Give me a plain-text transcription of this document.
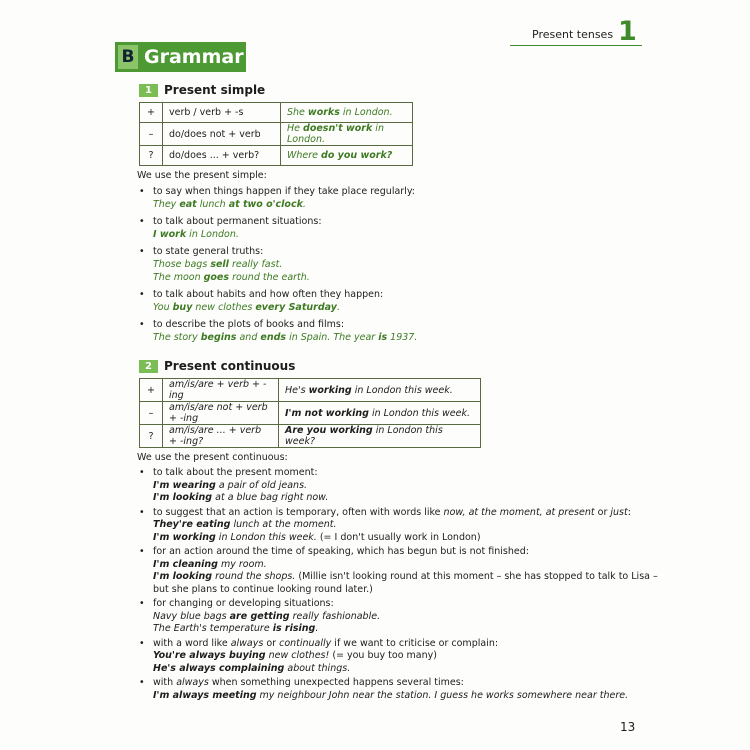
Present tenses 1
B Grammar
1	Present simple
+	verb / verb + -s	She works in London.
–	do/does not + verb	He doesn't work in London.
?	do/does ... + verb?	Where do you work?
We use the present simple:
• to say when things happen if they take place regularly:
They eat lunch at two o'clock.
• to talk about permanent situations:
I work in London.
• to state general truths:
Those bags sell really fast.
The moon goes round the earth.
• to talk about habits and how often they happen:
You buy new clothes every Saturday.
• to describe the plots of books and films:
The story begins and ends in Spain. The year is 1937.
2	Present continuous
+	am/is/are + verb + -ing	He's working in London this week.
–	am/is/are not + verb + -ing	I'm not working in London this week.
?	am/is/are ... + verb + -ing?	Are you working in London this week?
We use the present continuous:
• to talk about the present moment:
I'm wearing a pair of old jeans.
I'm looking at a blue bag right now.
• to suggest that an action is temporary, often with words like now, at the moment, at present or just:
They're eating lunch at the moment.
I'm working in London this week. (= I don't usually work in London)
• for an action around the time of speaking, which has begun but is not finished:
I'm cleaning my room.
I'm looking round the shops. (Millie isn't looking round at this moment – she has stopped to talk to Lisa – but she plans to continue looking round later.)
• for changing or developing situations:
Navy blue bags are getting really fashionable.
The Earth's temperature is rising.
• with a word like always or continually if we want to criticise or complain:
You're always buying new clothes! (= you buy too many)
He's always complaining about things.
• with always when something unexpected happens several times:
I'm always meeting my neighbour John near the station. I guess he works somewhere near there.
13
